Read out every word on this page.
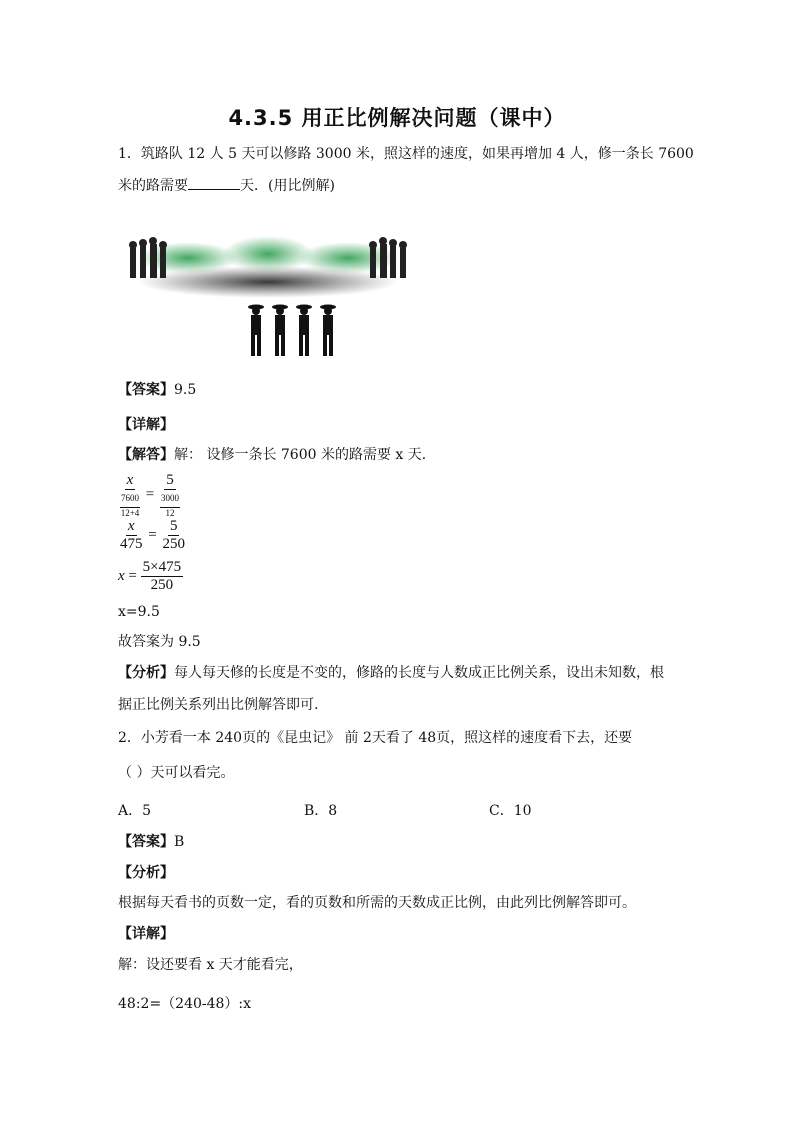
4.3.5 用正比例解决问题（课中）
1．筑路队 12 人 5 天可以修路 3000 米，照这样的速度，如果再增加 4 人，修一条长 7600
米的路需要	天．(用比例解)
【答案】9.5
【详解】
【解答】解： 设修一条长 7600 米的路需要 x 天．
x
7600
12+4 = 5
3000
12
$\frac{x}{475} = \frac{5}{250}$
$x = \frac{5\times 475}{250}$
x=9.5
故答案为 9.5
【分析】每人每天修的长度是不变的，修路的长度与人数成正比例关系，设出未知数，根
据正比例关系列出比例解答即可.
2．小芳看一本 240页的《昆虫记》 前 2天看了 48页，照这样的速度看下去，还要
（ ）天可以看完。
A．5	B．8	C．10
【答案】B
【分析】
根据每天看书的页数一定，看的页数和所需的天数成正比例，由此列比例解答即可。
【详解】
解：设还要看 x 天才能看完，
48:2=（240-48）:x
